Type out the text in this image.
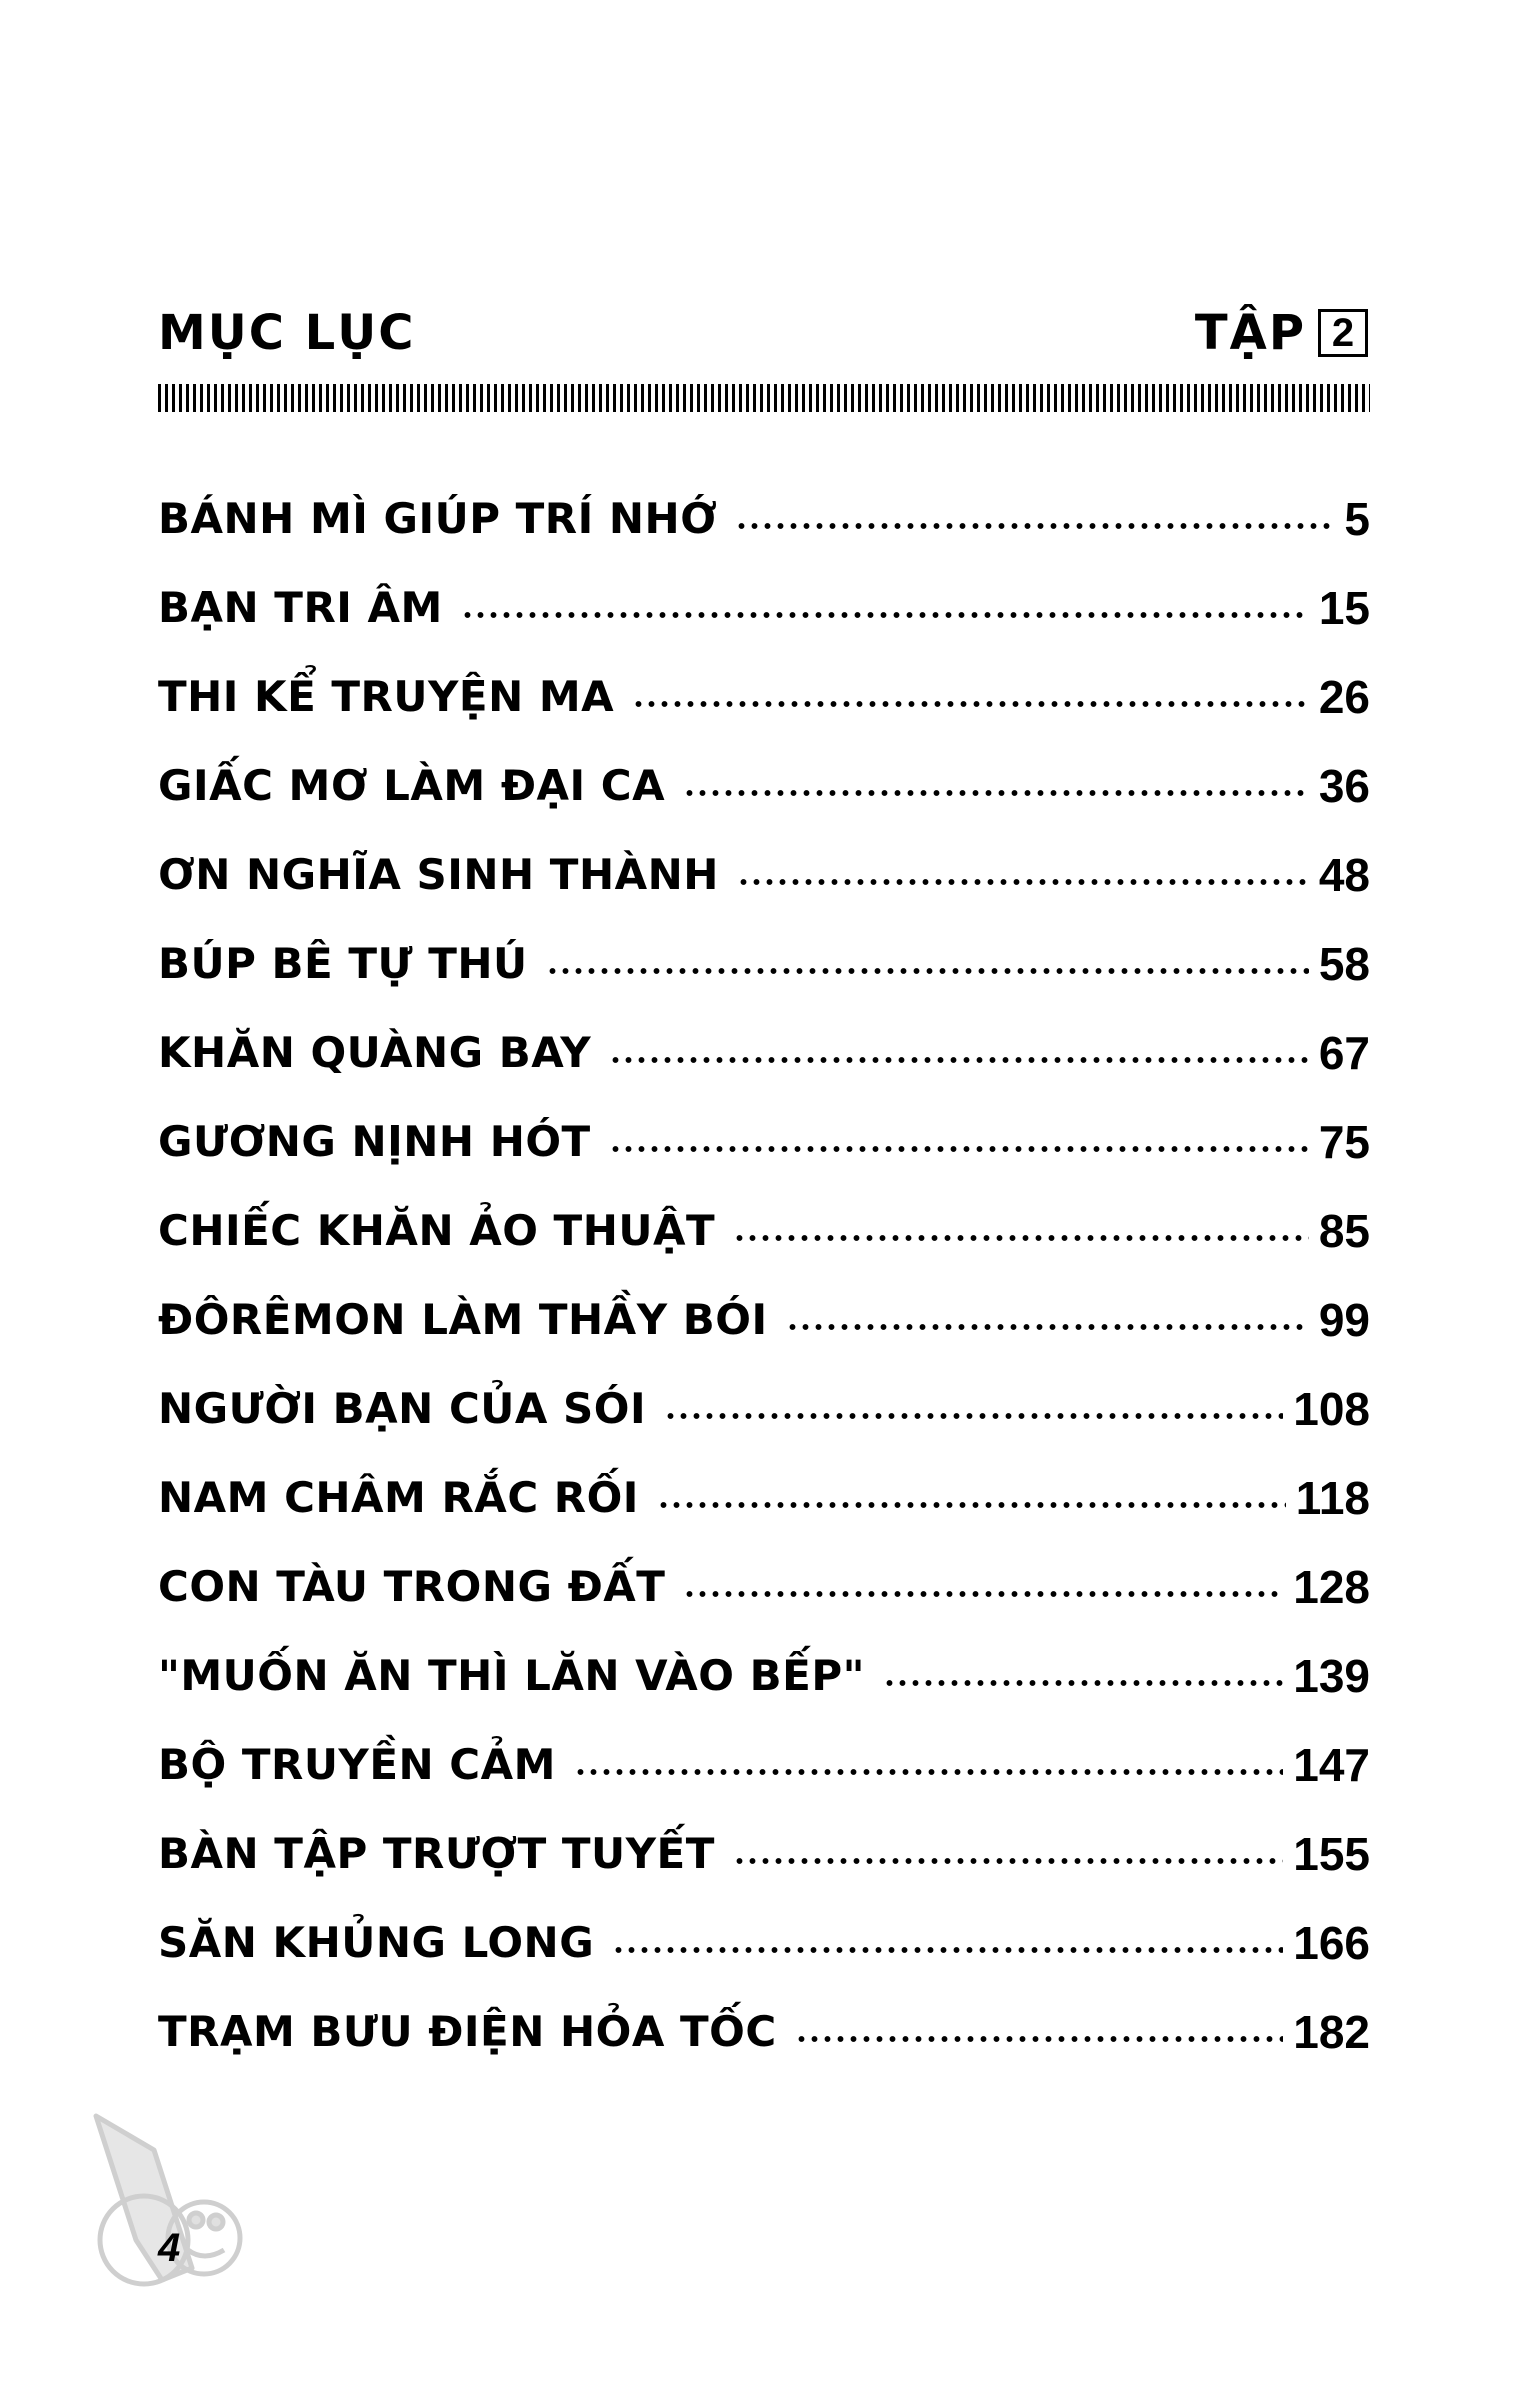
MỤC LỤC	TẬP 2
BÁNH MÌ GIÚP TRÍ NHỚ	5
BẠN TRI ÂM	15
THI KỂ TRUYỆN MA	26
GIẤC MƠ LÀM ĐẠI CA	36
ƠN NGHĨA SINH THÀNH	48
BÚP BÊ TỰ THÚ	58
KHĂN QUÀNG BAY	67
GƯƠNG NỊNH HÓT	75
CHIẾC KHĂN ẢO THUẬT	85
ĐÔRÊMON LÀM THẦY BÓI	99
NGƯỜI BẠN CỦA SÓI	108
NAM CHÂM RẮC RỐI	118
CON TÀU TRONG ĐẤT	128
"MUỐN ĂN THÌ LĂN VÀO BẾP"	139
BỘ TRUYỀN CẢM	147
BÀN TẬP TRƯỢT TUYẾT	155
SĂN KHỦNG LONG	166
TRẠM BƯU ĐIỆN HỎA TỐC	182
4
